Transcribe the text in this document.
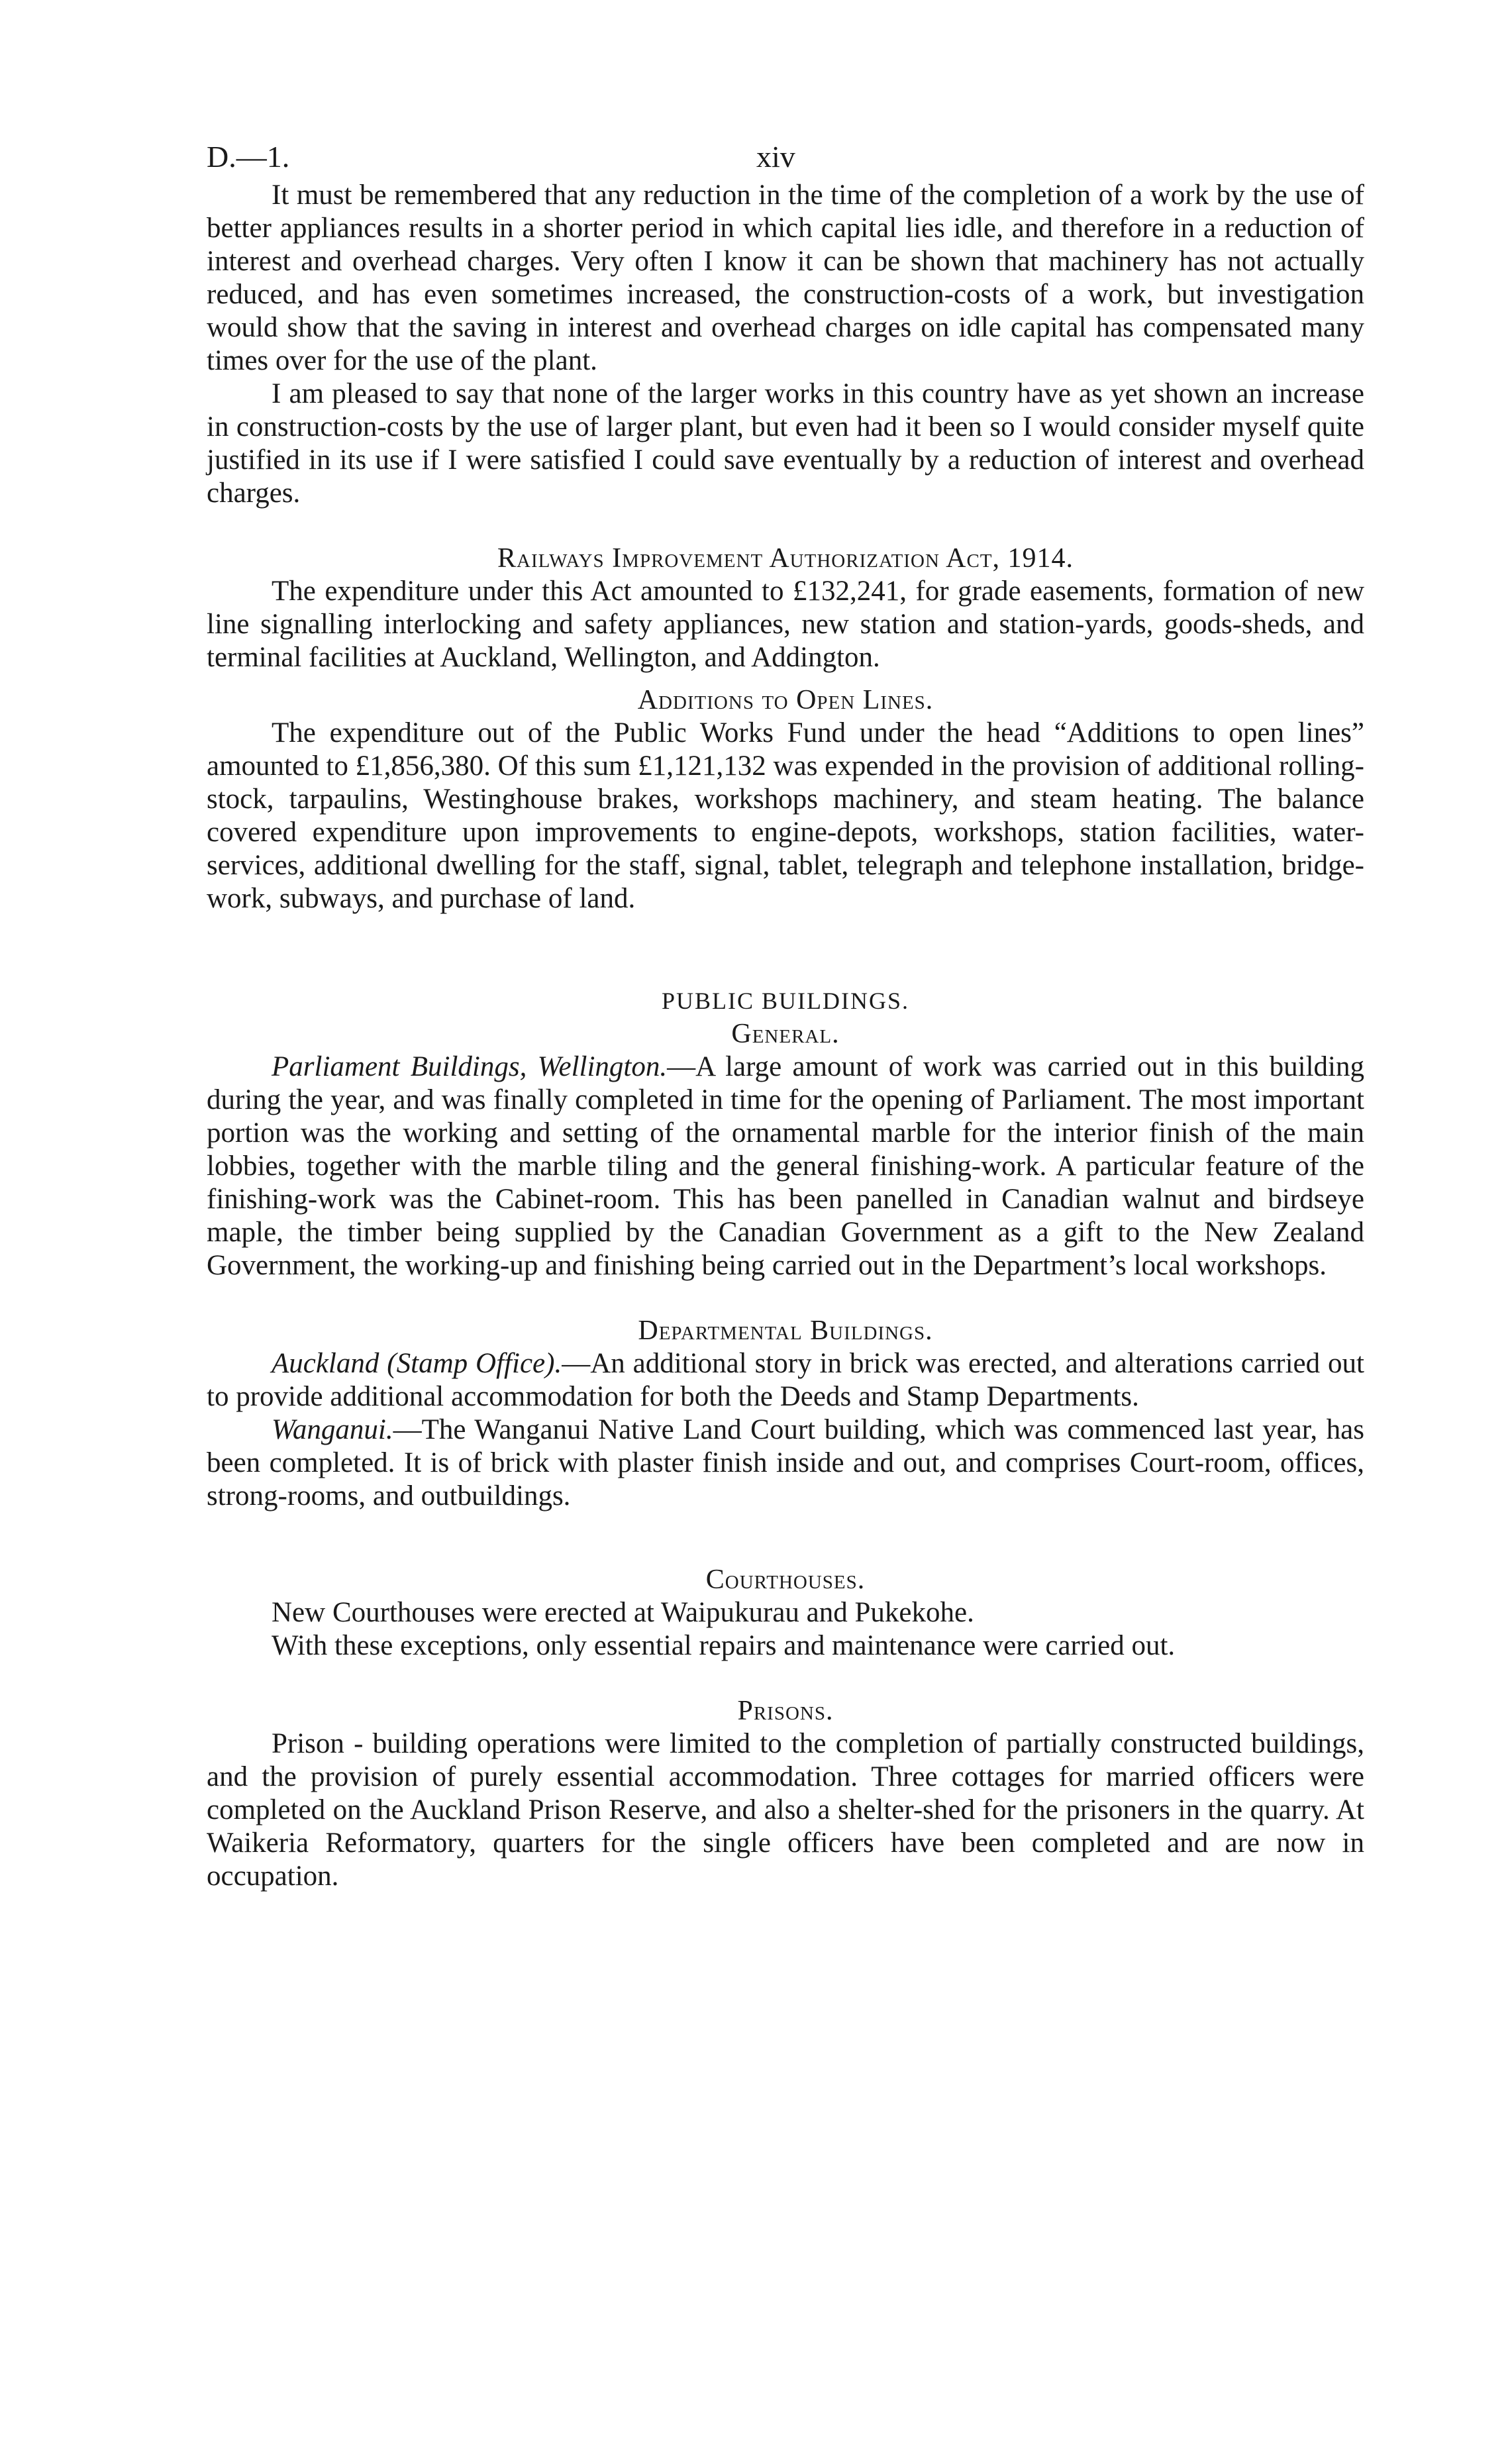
D.—1.	xiv

It must be remembered that any reduction in the time of the completion of a work by the use of better appliances results in a shorter period in which capital lies idle, and therefore in a reduction of interest and overhead charges. Very often I know it can be shown that machinery has not actually reduced, and has even sometimes increased, the construction-costs of a work, but investigation would show that the saving in interest and overhead charges on idle capital has compensated many times over for the use of the plant.

I am pleased to say that none of the larger works in this country have as yet shown an increase in construction-costs by the use of larger plant, but even had it been so I would consider myself quite justified in its use if I were satisfied I could save eventually by a reduction of interest and overhead charges.

Railways Improvement Authorization Act, 1914.

The expenditure under this Act amounted to £132,241, for grade easements, formation of new line signalling interlocking and safety appliances, new station and station-yards, goods-sheds, and terminal facilities at Auckland, Wellington, and Addington.

Additions to Open Lines.

The expenditure out of the Public Works Fund under the head “Additions to open lines” amounted to £1,856,380. Of this sum £1,121,132 was expended in the provision of additional rolling-stock, tarpaulins, Westinghouse brakes, workshops machinery, and steam heating. The balance covered expenditure upon improvements to engine-depots, workshops, station facilities, water-services, additional dwelling for the staff, signal, tablet, telegraph and telephone installation, bridge-work, subways, and purchase of land.

PUBLIC BUILDINGS.
General.

Parliament Buildings, Wellington.—A large amount of work was carried out in this building during the year, and was finally completed in time for the opening of Parliament. The most important portion was the working and setting of the ornamental marble for the interior finish of the main lobbies, together with the marble tiling and the general finishing-work. A particular feature of the finishing-work was the Cabinet-room. This has been panelled in Canadian walnut and birdseye maple, the timber being supplied by the Canadian Government as a gift to the New Zealand Government, the working-up and finishing being carried out in the Department’s local workshops.

Departmental Buildings.

Auckland (Stamp Office).—An additional story in brick was erected, and alterations carried out to provide additional accommodation for both the Deeds and Stamp Departments.

Wanganui.—The Wanganui Native Land Court building, which was commenced last year, has been completed. It is of brick with plaster finish inside and out, and comprises Court-room, offices, strong-rooms, and outbuildings.

Courthouses.

New Courthouses were erected at Waipukurau and Pukekohe.

With these exceptions, only essential repairs and maintenance were carried out.

Prisons.

Prison - building operations were limited to the completion of partially constructed buildings, and the provision of purely essential accommodation. Three cottages for married officers were completed on the Auckland Prison Reserve, and also a shelter-shed for the prisoners in the quarry. At Waikeria Reformatory, quarters for the single officers have been completed and are now in occupation.
